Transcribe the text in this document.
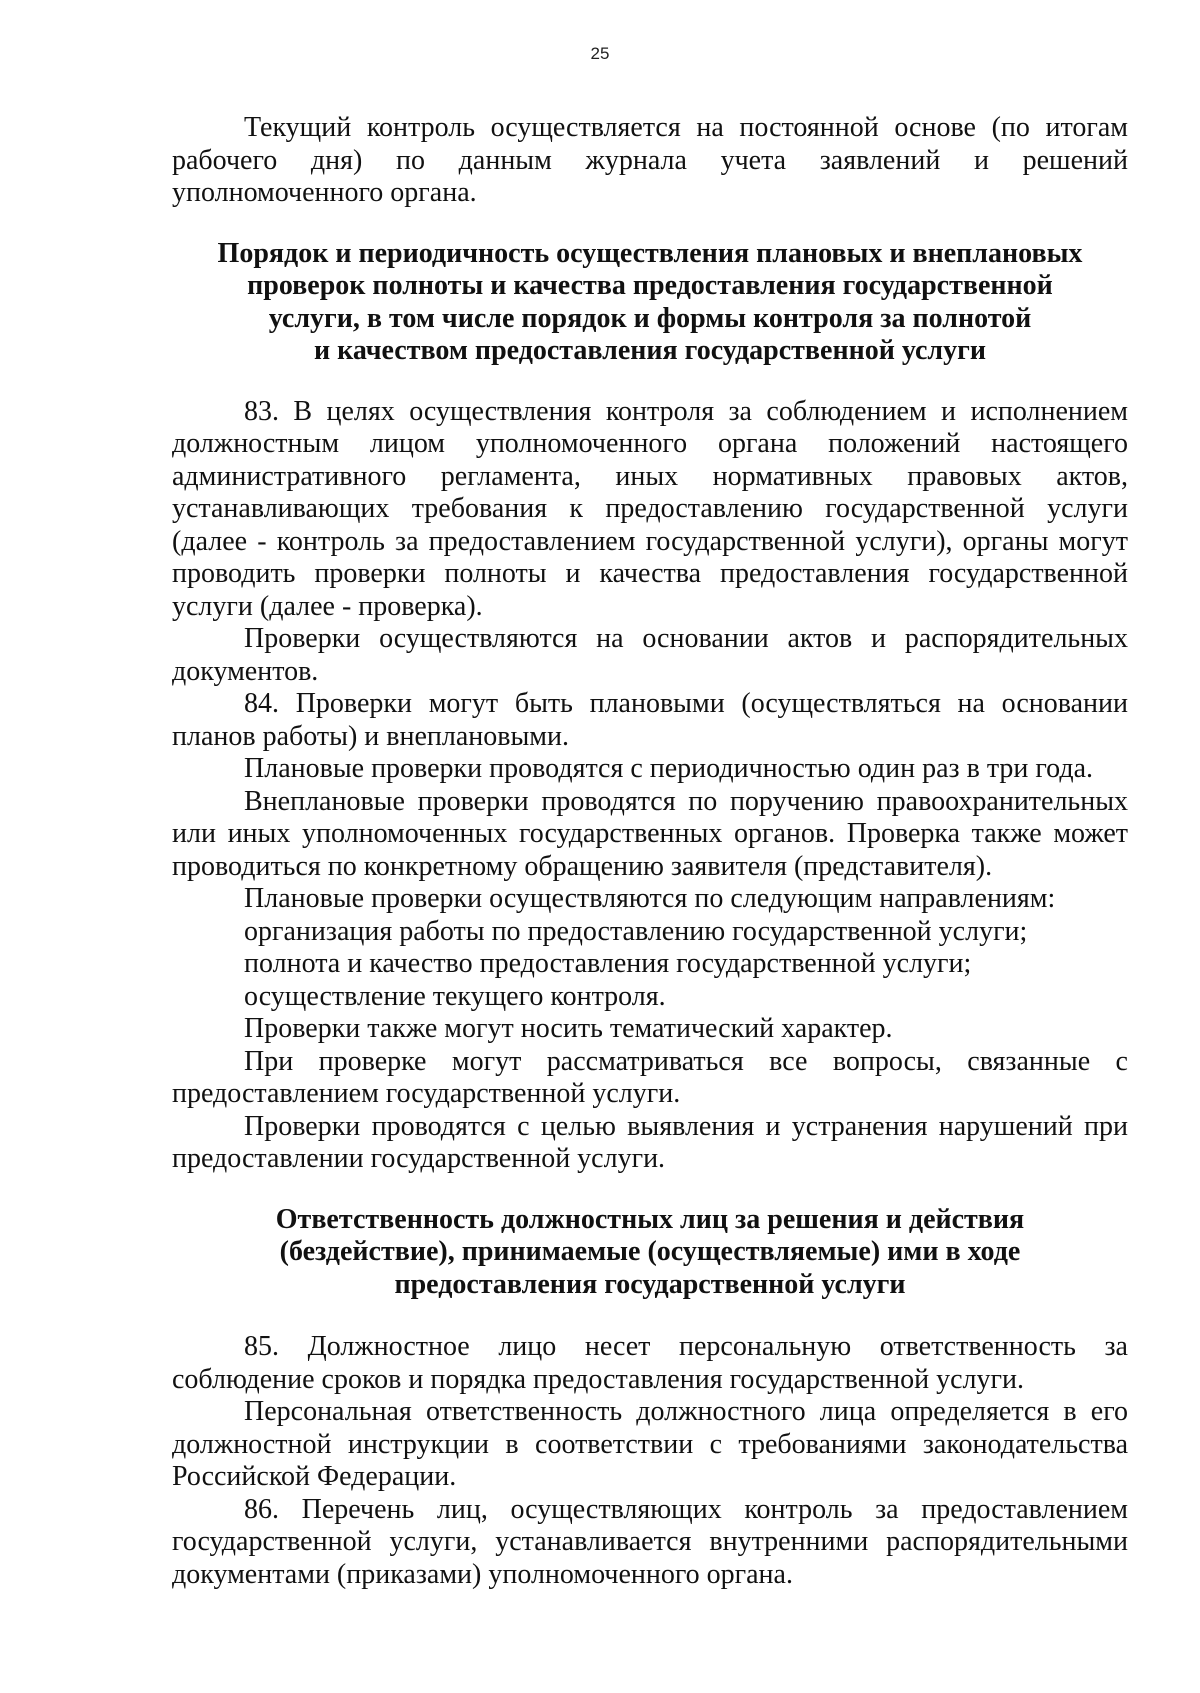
25

Текущий контроль осуществляется на постоянной основе (по итогам рабочего дня) по данным журнала учета заявлений и решений уполномоченного органа.

Порядок и периодичность осуществления плановых и внеплановых
проверок полноты и качества предоставления государственной
услуги, в том числе порядок и формы контроля за полнотой
и качеством предоставления государственной услуги

83. В целях осуществления контроля за соблюдением и исполнением должностным лицом уполномоченного органа положений настоящего административного регламента, иных нормативных правовых актов, устанавливающих требования к предоставлению государственной услуги (далее - контроль за предоставлением государственной услуги), органы могут проводить проверки полноты и качества предоставления государственной услуги (далее - проверка).

Проверки осуществляются на основании актов и распорядительных документов.

84. Проверки могут быть плановыми (осуществляться на основании планов работы) и внеплановыми.

Плановые проверки проводятся с периодичностью один раз в три года.

Внеплановые проверки проводятся по поручению правоохранительных или иных уполномоченных государственных органов. Проверка также может проводиться по конкретному обращению заявителя (представителя).

Плановые проверки осуществляются по следующим направлениям:

организация работы по предоставлению государственной услуги;

полнота и качество предоставления государственной услуги;

осуществление текущего контроля.

Проверки также могут носить тематический характер.

При проверке могут рассматриваться все вопросы, связанные с предоставлением государственной услуги.

Проверки проводятся с целью выявления и устранения нарушений при предоставлении государственной услуги.

Ответственность должностных лиц за решения и действия
(бездействие), принимаемые (осуществляемые) ими в ходе
предоставления государственной услуги

85. Должностное лицо несет персональную ответственность за соблюдение сроков и порядка предоставления государственной услуги.

Персональная ответственность должностного лица определяется в его должностной инструкции в соответствии с требованиями законодательства Российской Федерации.

86. Перечень лиц, осуществляющих контроль за предоставлением государственной услуги, устанавливается внутренними распорядительными документами (приказами) уполномоченного органа.
